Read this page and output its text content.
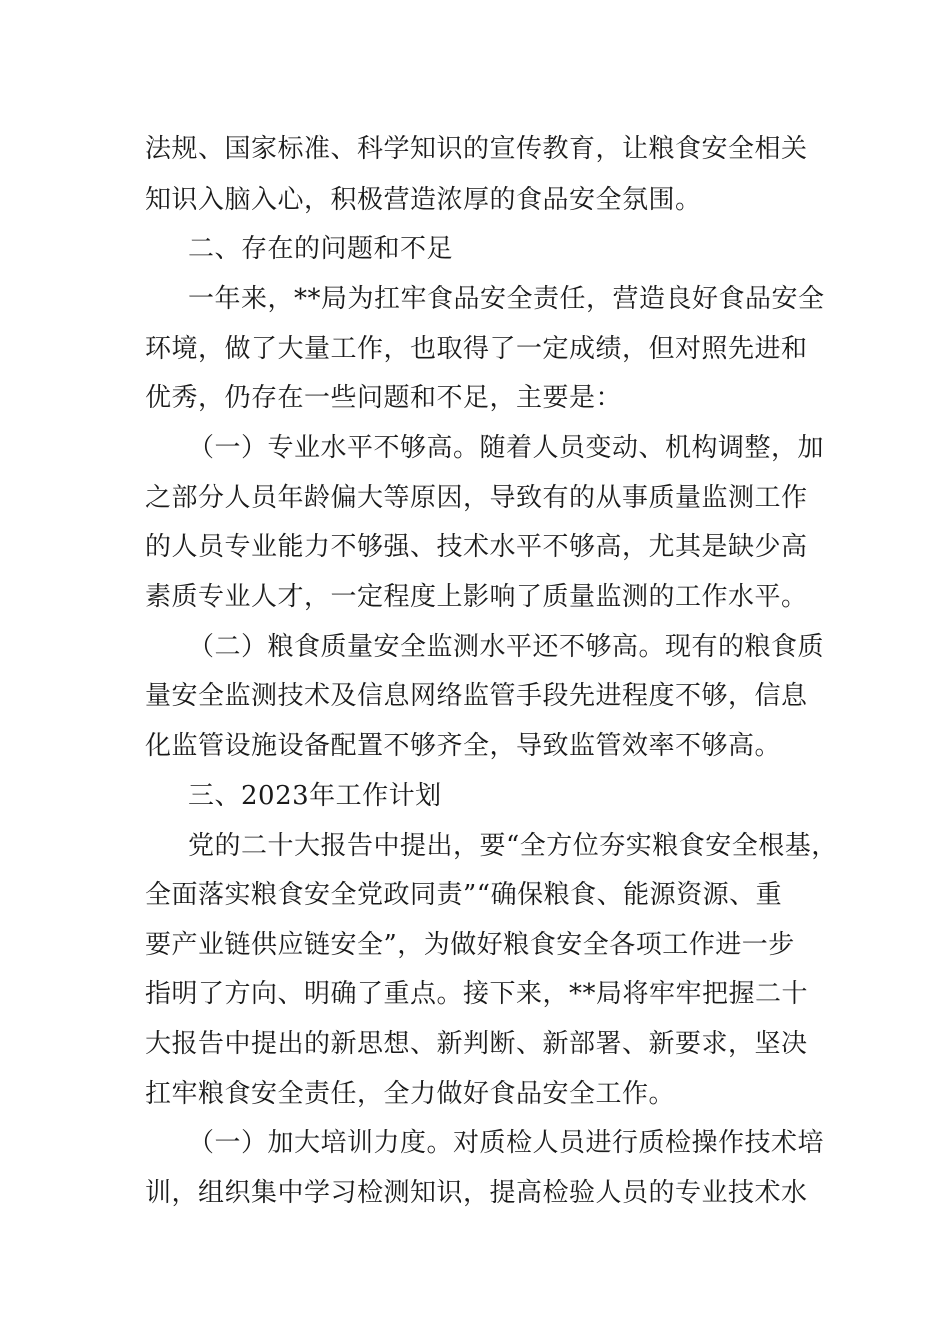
法规、国家标准、科学知识的宣传教育，让粮食安全相关
知识入脑入心，积极营造浓厚的食品安全氛围。
二、存在的问题和不足
一年来，**局为扛牢食品安全责任，营造良好食品安全
环境，做了大量工作，也取得了一定成绩，但对照先进和
优秀，仍存在一些问题和不足，主要是：
（一）专业水平不够高。随着人员变动、机构调整，加
之部分人员年龄偏大等原因，导致有的从事质量监测工作
的人员专业能力不够强、技术水平不够高，尤其是缺少高
素质专业人才，一定程度上影响了质量监测的工作水平。
（二）粮食质量安全监测水平还不够高。现有的粮食质
量安全监测技术及信息网络监管手段先进程度不够，信息
化监管设施设备配置不够齐全，导致监管效率不够高。
三、2023年工作计划
党的二十大报告中提出，要“全方位夯实粮食安全根基，
全面落实粮食安全党政同责”“确保粮食、能源资源、重
要产业链供应链安全”，为做好粮食安全各项工作进一步
指明了方向、明确了重点。接下来，**局将牢牢把握二十
大报告中提出的新思想、新判断、新部署、新要求，坚决
扛牢粮食安全责任，全力做好食品安全工作。
（一）加大培训力度。对质检人员进行质检操作技术培
训，组织集中学习检测知识，提高检验人员的专业技术水
